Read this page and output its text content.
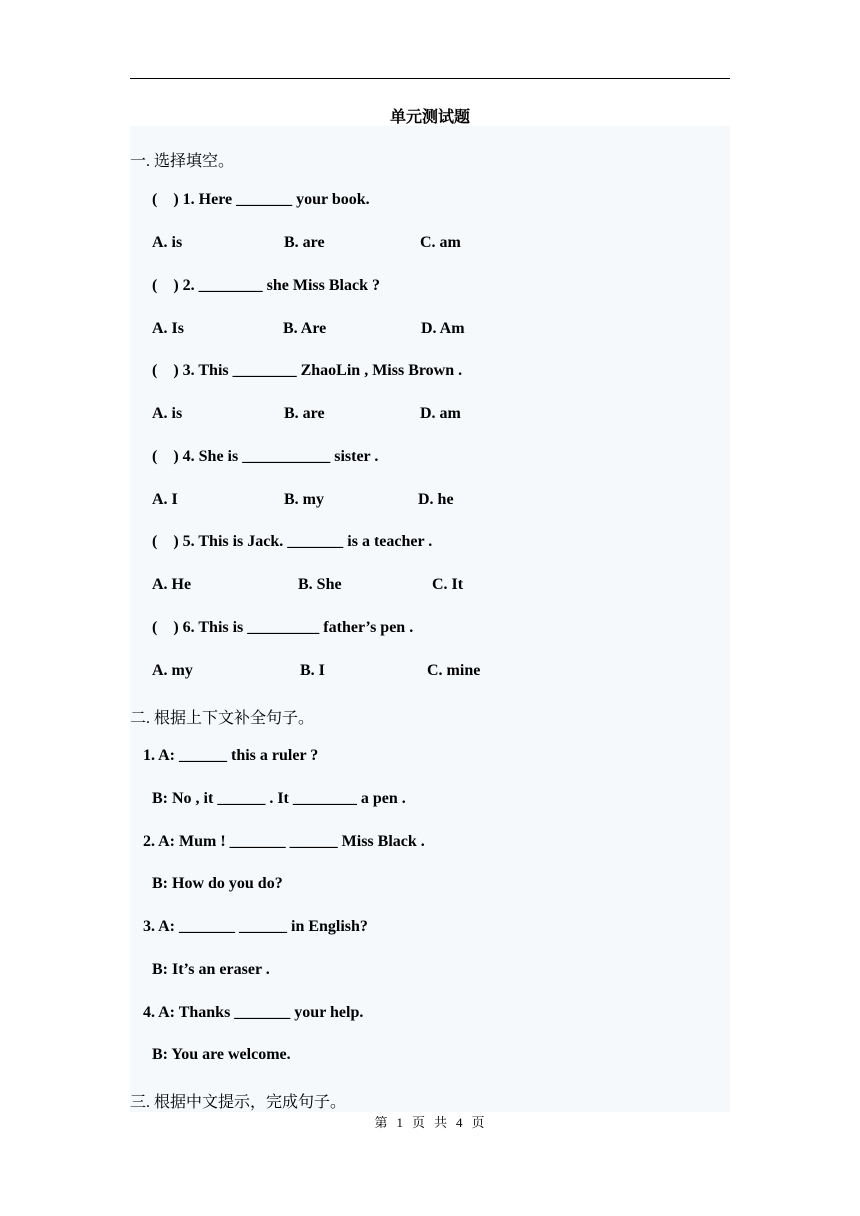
单元测试题
一. 选择填空。
(    ) 1. Here _______ your book.
A. is	B. are	C. am
(    ) 2. ________ she Miss Black ?
A. Is	B. Are	D. Am
(    ) 3. This ________ ZhaoLin , Miss Brown .
A. is	B. are	D. am
(    ) 4. She is ___________ sister .
A. I	B. my	D. he
(    ) 5. This is Jack. _______ is a teacher .
A. He	B. She	C. It
(    ) 6. This is _________ father’s pen .
A. my	B. I	C. mine
二. 根据上下文补全句子。
1. A: ______ this a ruler ?
B: No , it ______ . It ________ a pen .
2. A: Mum ! _______ ______ Miss Black .
B: How do you do?
3. A: _______ ______ in English?
B: It’s an eraser .
4. A: Thanks _______ your help.
B: You are welcome.
三. 根据中文提示，完成句子。
第 1 页 共 4 页
